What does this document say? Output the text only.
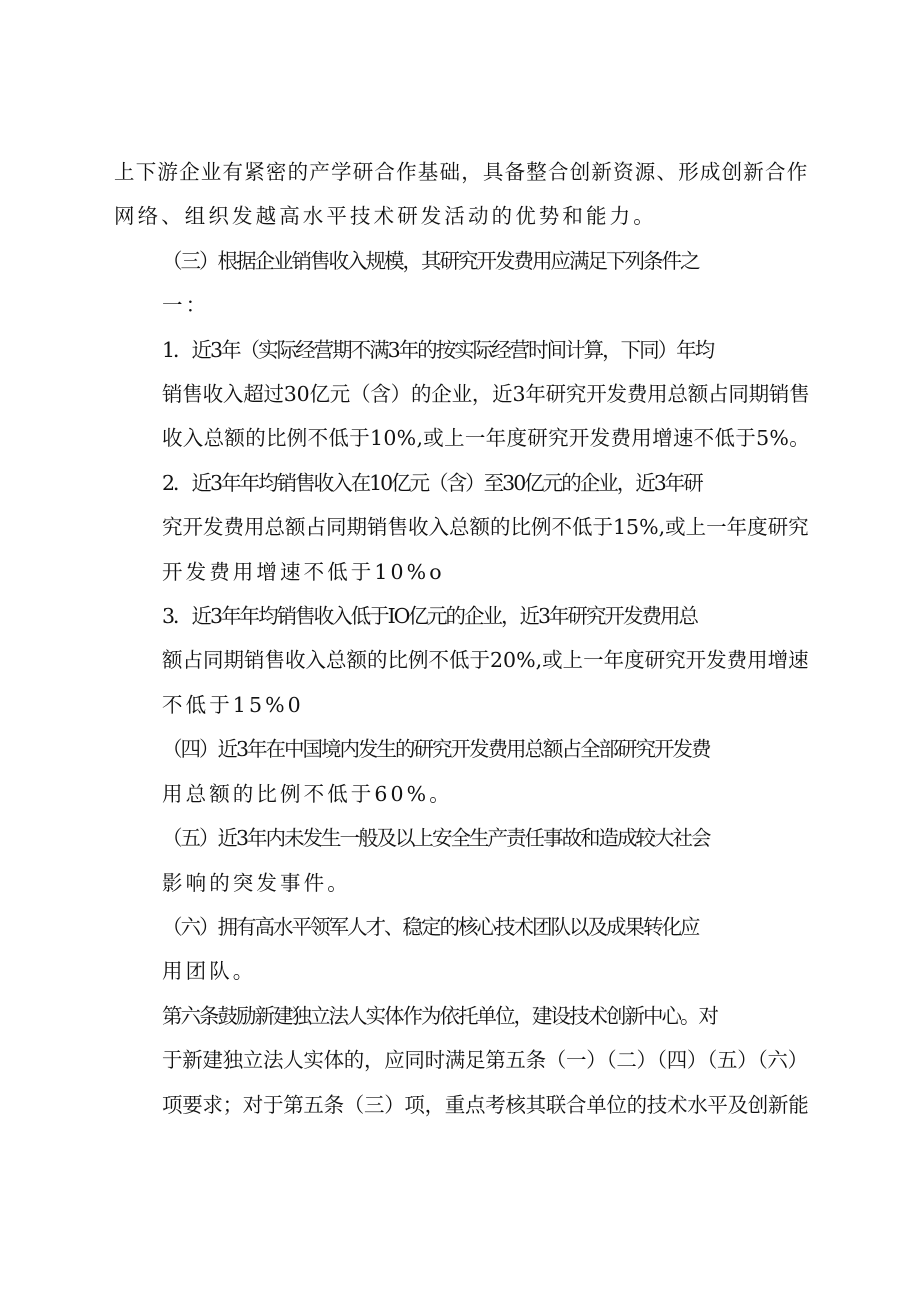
上下游企业有紧密的产学研合作基础，具备整合创新资源、形成创新合作
网络、组织发越高水平技术研发活动的优势和能力。

（三）根据企业销售收入规模，其研究开发费用应满足下列条件之
一：

1．近3年（实际经营期不满3年的按实际经营时间计算，下同）年均
销售收入超过30亿元（含）的企业，近3年研究开发费用总额占同期销售
收入总额的比例不低于10%,或上一年度研究开发费用增速不低于5%。

2．近3年年均销售收入在10亿元（含）至30亿元的企业，近3年研
究开发费用总额占同期销售收入总额的比例不低于15%,或上一年度研究
开发费用增速不低于10%o

3．近3年年均销售收入低于IO亿元的企业，近3年研究开发费用总
额占同期销售收入总额的比例不低于20%,或上一年度研究开发费用增速
不低于15%0

（四）近3年在中国境内发生的研究开发费用总额占全部研究开发费
用总额的比例不低于60%。

（五）近3年内未发生一般及以上安全生产责任事故和造成较大社会
影响的突发事件。

（六）拥有高水平领军人才、稳定的核心技术团队以及成果转化应
用团队。

第六条鼓励新建独立法人实体作为依托单位，建设技术创新中心。对
于新建独立法人实体的，应同时满足第五条（一）（二）（四）（五）（六）
项要求；对于第五条（三）项，重点考核其联合单位的技术水平及创新能
